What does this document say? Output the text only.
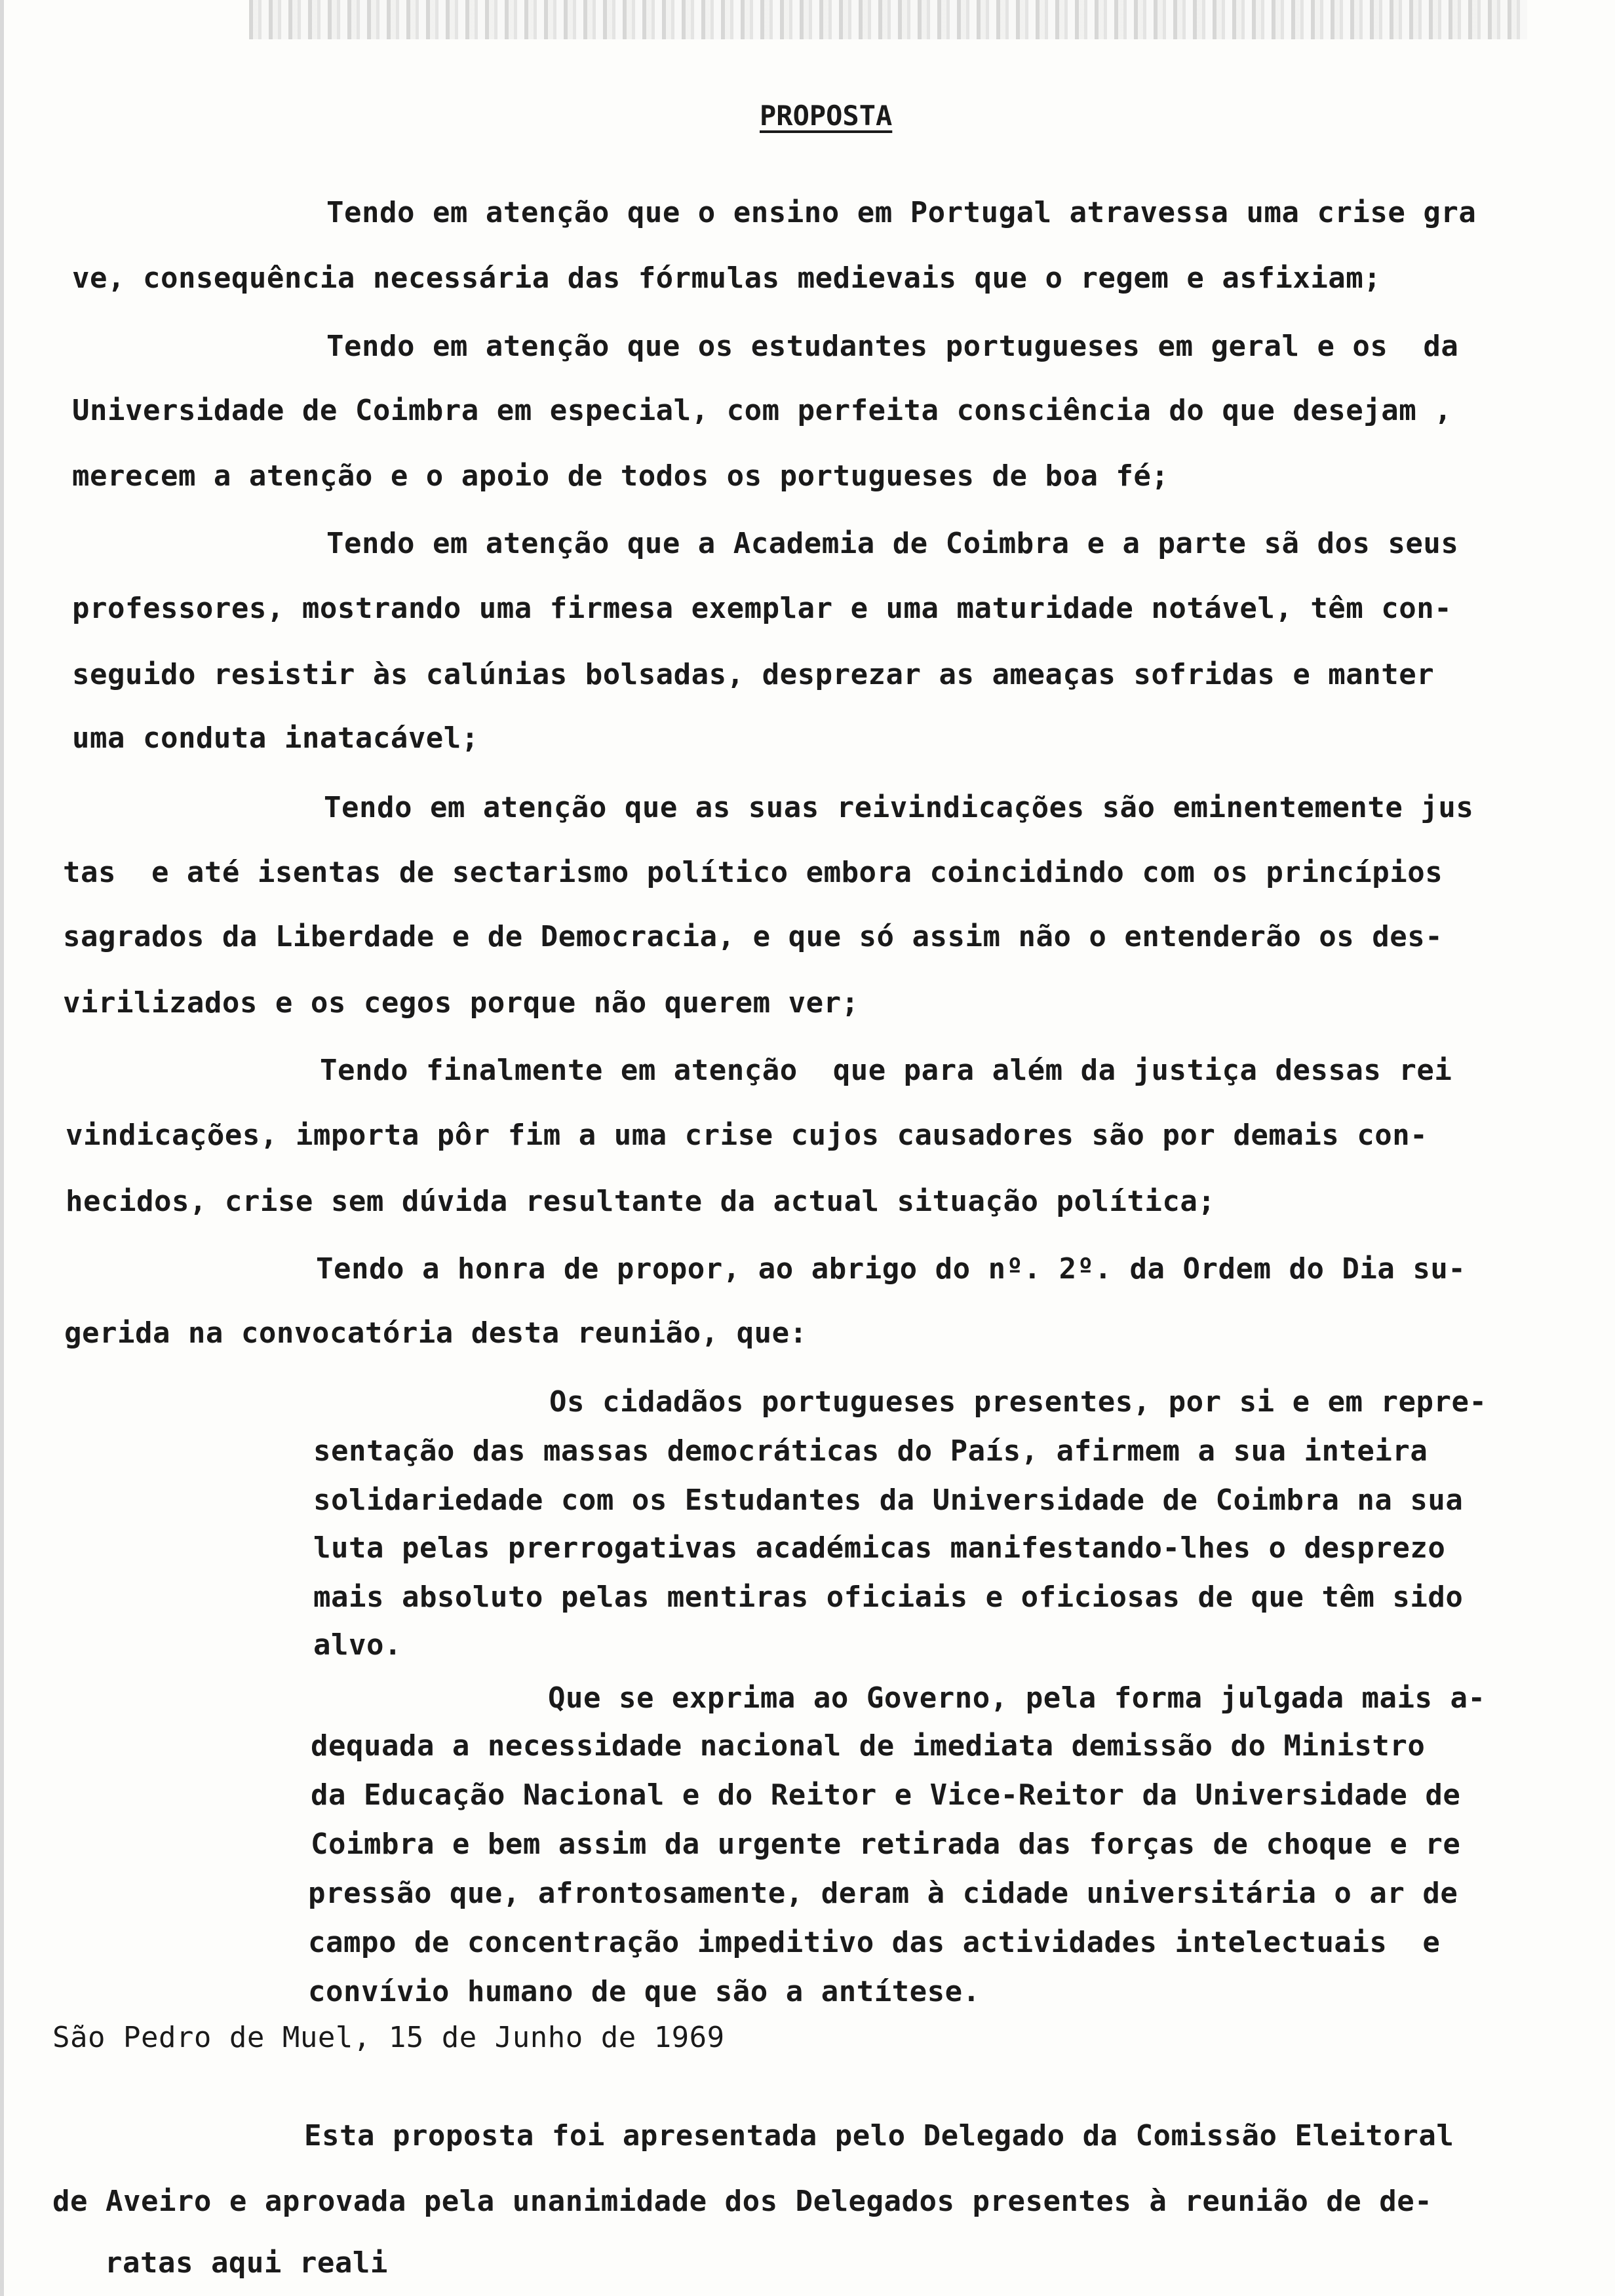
PROPOSTA
Tendo em atenção que o ensino em Portugal atravessa uma crise gra
ve, consequência necessária das fórmulas medievais que o regem e asfixiam;
Tendo em atenção que os estudantes portugueses em geral e os  da
Universidade de Coimbra em especial, com perfeita consciência do que desejam ,
merecem a atenção e o apoio de todos os portugueses de boa fé;
Tendo em atenção que a Academia de Coimbra e a parte sã dos seus
professores, mostrando uma firmesa exemplar e uma maturidade notável, têm con-
seguido resistir às calúnias bolsadas, desprezar as ameaças sofridas e manter
uma conduta inatacável;
Tendo em atenção que as suas reivindicações são eminentemente jus
tas  e até isentas de sectarismo político embora coincidindo com os princípios
sagrados da Liberdade e de Democracia, e que só assim não o entenderão os des-
virilizados e os cegos porque não querem ver;
Tendo finalmente em atenção  que para além da justiça dessas rei
vindicações, importa pôr fim a uma crise cujos causadores são por demais con-
hecidos, crise sem dúvida resultante da actual situação política;
Tendo a honra de propor, ao abrigo do nº. 2º. da Ordem do Dia su-
gerida na convocatória desta reunião, que:
Os cidadãos portugueses presentes, por si e em repre-
sentação das massas democráticas do País, afirmem a sua inteira
solidariedade com os Estudantes da Universidade de Coimbra na sua
luta pelas prerrogativas académicas manifestando-lhes o desprezo
mais absoluto pelas mentiras oficiais e oficiosas de que têm sido
alvo.
Que se exprima ao Governo, pela forma julgada mais a-
dequada a necessidade nacional de imediata demissão do Ministro
da Educação Nacional e do Reitor e Vice-Reitor da Universidade de
Coimbra e bem assim da urgente retirada das forças de choque e re
pressão que, afrontosamente, deram à cidade universitária o ar de
campo de concentração impeditivo das actividades intelectuais  e
convívio humano de que são a antítese.
São Pedro de Muel, 15 de Junho de 1969
Esta proposta foi apresentada pelo Delegado da Comissão Eleitoral
de Aveiro e aprovada pela unanimidade dos Delegados presentes à reunião de de-
ratas aqui reali
